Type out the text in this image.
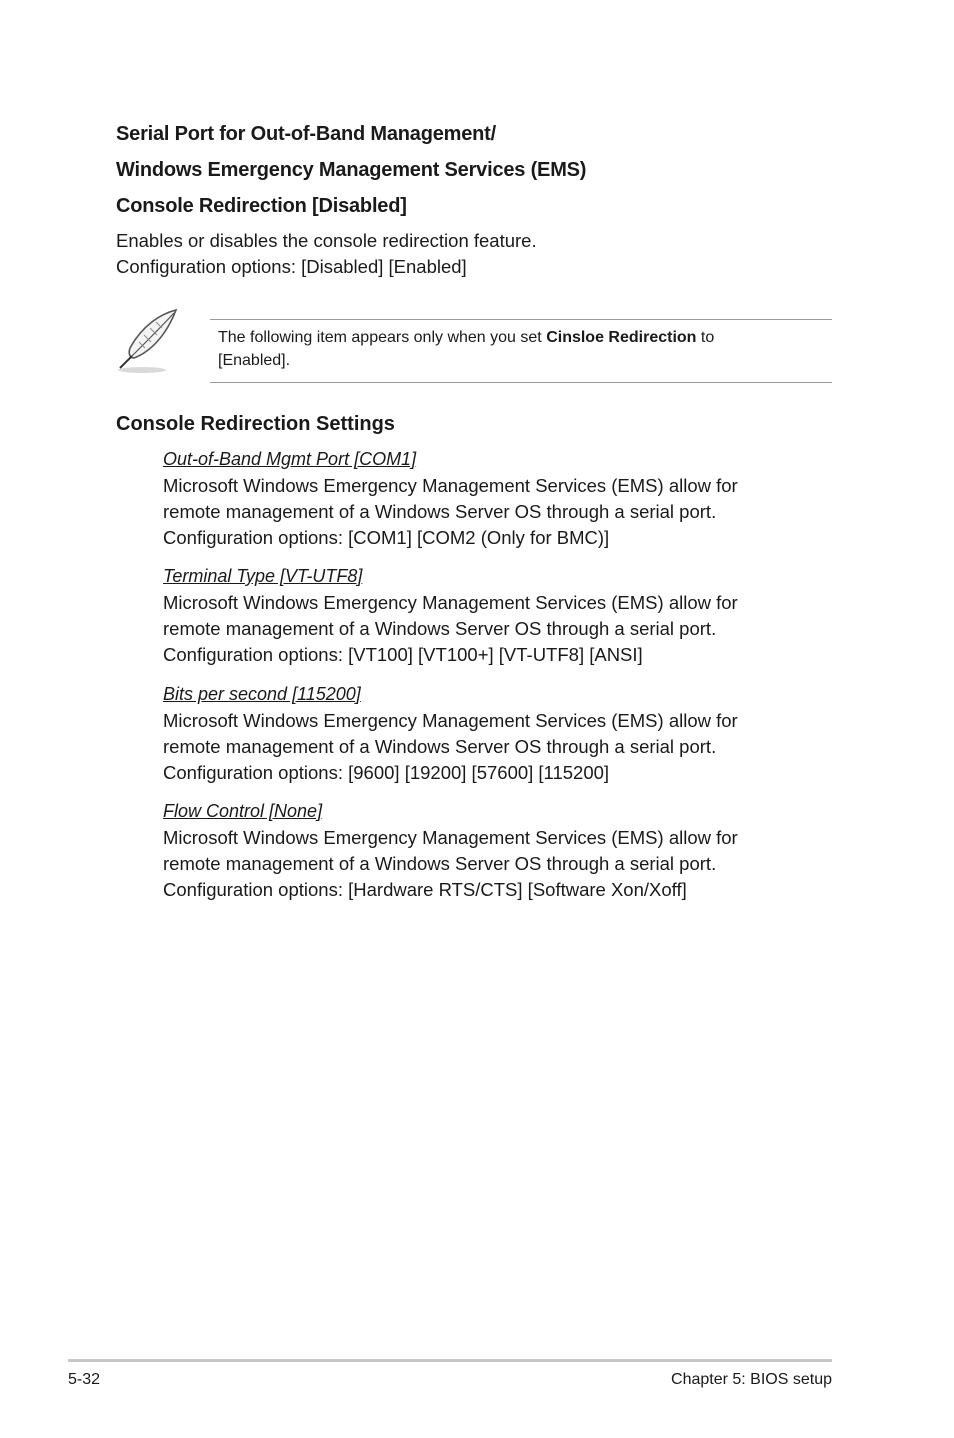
Serial Port for Out-of-Band Management/
Windows Emergency Management Services (EMS)
Console Redirection [Disabled]
Enables or disables the console redirection feature.
Configuration options: [Disabled] [Enabled]
The following item appears only when you set Cinsloe Redirection to
[Enabled].
Console Redirection Settings

Out-of-Band Mgmt Port [COM1]

Microsoft Windows Emergency Management Services (EMS) allow for
remote management of a Windows Server OS through a serial port.
Configuration options: [COM1] [COM2 (Only for BMC)]

Terminal Type [VT-UTF8]

Microsoft Windows Emergency Management Services (EMS) allow for
remote management of a Windows Server OS through a serial port.
Configuration options: [VT100] [VT100+] [VT-UTF8] [ANSI]

Bits per second [115200]

Microsoft Windows Emergency Management Services (EMS) allow for
remote management of a Windows Server OS through a serial port.
Configuration options: [9600] [19200] [57600] [115200]

Flow Control [None]

Microsoft Windows Emergency Management Services (EMS) allow for
remote management of a Windows Server OS through a serial port.
Configuration options: [Hardware RTS/CTS] [Software Xon/Xoff]

5-32	Chapter 5: BIOS setup
